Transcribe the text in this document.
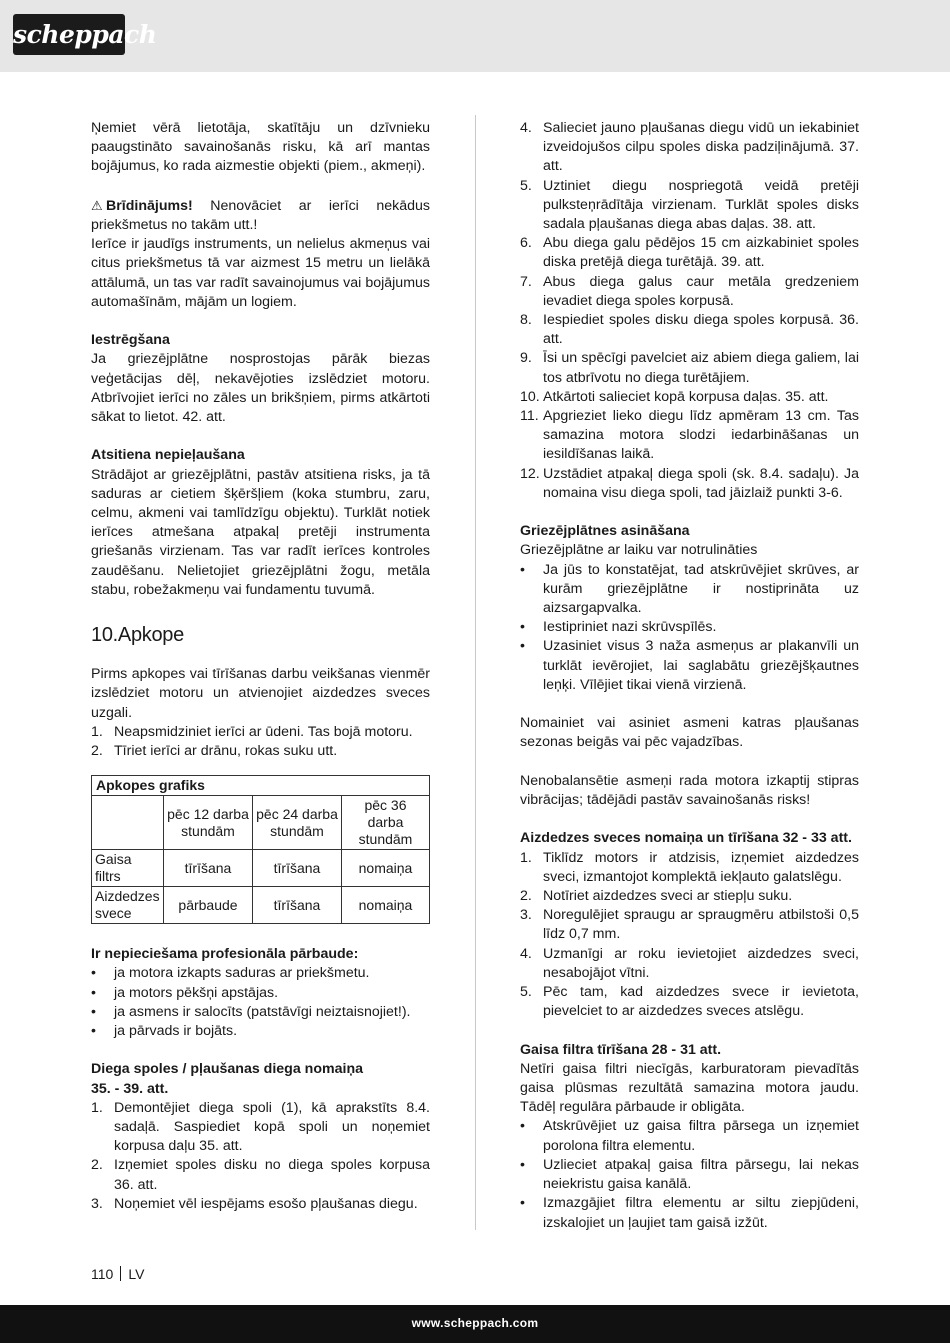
scheppach

Ņemiet vērā lietotāja, skatītāju un dzīvnieku paaugstināto savainošanās risku, kā arī mantas bojājumus, ko rada aizmestie objekti (piem., akmeņi).

⚠ Brīdinājums! Nenovāciet ar ierīci nekādus priekšmetus no takām utt.!

Ierīce ir jaudīgs instruments, un nelielus akmeņus vai citus priekšmetus tā var aizmest 15 metru un lielākā attālumā, un tas var radīt savainojumus vai bojājumus automašīnām, mājām un logiem.

Iestrēgšana

Ja griezējplātne nosprostojas pārāk biezas veģetācijas dēļ, nekavējoties izslēdziet motoru. Atbrīvojiet ierīci no zāles un brikšņiem, pirms atkārtoti sākat to lietot. 42. att.

Atsitiena nepieļaušana

Strādājot ar griezējplātni, pastāv atsitiena risks, ja tā saduras ar cietiem šķēršļiem (koka stumbru, zaru, celmu, akmeni vai tamlīdzīgu objektu). Turklāt notiek ierīces atmešana atpakaļ pretēji instrumenta griešanās virzienam. Tas var radīt ierīces kontroles zaudēšanu. Nelietojiet griezējplātni žogu, metāla stabu, robežakmeņu vai fundamentu tuvumā.

10.Apkope

Pirms apkopes vai tīrīšanas darbu veikšanas vienmēr izslēdziet motoru un atvienojiet aizdedzes sveces uzgali.

1. Neapsmidziniet ierīci ar ūdeni. Tas bojā motoru.
2. Tīriet ierīci ar drānu, rokas suku utt.
Apkopes grafiks			
	pēc 12 darba stundām	pēc 24 darba stundām	pēc 36 darba stundām
Gaisa filtrs	tīrīšana	tīrīšana	nomaiņa
Aizdedzes svece	pārbaude	tīrīšana	nomaiņa

Ir nepieciešama profesionāla pārbaude:

• ja motora izkapts saduras ar priekšmetu.
• ja motors pēkšņi apstājas.
• ja asmens ir salocīts (patstāvīgi neiztaisnojiet!).
• ja pārvads ir bojāts.

Diega spoles / pļaušanas diega nomaiņa

35. - 39. att.

1. Demontējiet diega spoli (1), kā aprakstīts 8.4. sadaļā. Saspiediet kopā spoli un noņemiet korpusa daļu 35. att.
2. Izņemiet spoles disku no diega spoles korpusa 36. att.
3. Noņemiet vēl iespējams esošo pļaušanas diegu.
4. Salieciet jauno pļaušanas diegu vidū un iekabiniet izveidojušos cilpu spoles diska padziļinājumā. 37. att.
5. Uztiniet diegu nospriegotā veidā pretēji pulksteņrādītāja virzienam. Turklāt spoles disks sadala pļaušanas diega abas daļas. 38. att.
6. Abu diega galu pēdējos 15 cm aizkabiniet spoles diska pretējā diega turētājā. 39. att.
7. Abus diega galus caur metāla gredzeniem ievadiet diega spoles korpusā.
8. Iespiediet spoles disku diega spoles korpusā. 36. att.
9. Īsi un spēcīgi pavelciet aiz abiem diega galiem, lai tos atbrīvotu no diega turētājiem.
10. Atkārtoti salieciet kopā korpusa daļas. 35. att.
11. Apgrieziet lieko diegu līdz apmēram 13 cm. Tas samazina motora slodzi iedarbināšanas un iesildīšanas laikā.
12. Uzstādiet atpakaļ diega spoli (sk. 8.4. sadaļu). Ja nomaina visu diega spoli, tad jāizlaiž punkti 3-6.

Griezējplātnes asināšana

Griezējplātne ar laiku var notrulināties

• Ja jūs to konstatējat, tad atskrūvējiet skrūves, ar kurām griezējplātne ir nostiprināta uz aizsargapvalka.
• Iestipriniet nazi skrūvspīlēs.
• Uzasiniet visus 3 naža asmeņus ar plakanvīli un turklāt ievērojiet, lai saglabātu griezējšķautnes leņķi. Vīlējiet tikai vienā virzienā.

Nomainiet vai asiniet asmeni katras pļaušanas sezonas beigās vai pēc vajadzības.

Nenobalansētie asmeņi rada motora izkaptij stipras vibrācijas; tādējādi pastāv savainošanās risks!

Aizdedzes sveces nomaiņa un tīrīšana 32 - 33 att.

1. Tiklīdz motors ir atdzisis, izņemiet aizdedzes sveci, izmantojot komplektā iekļauto galatslēgu.
2. Notīriet aizdedzes sveci ar stiepļu suku.
3. Noregulējiet spraugu ar spraugmēru atbilstoši 0,5 līdz 0,7 mm.
4. Uzmanīgi ar roku ievietojiet aizdedzes sveci, nesabojājot vītni.
5. Pēc tam, kad aizdedzes svece ir ievietota, pievelciet to ar aizdedzes sveces atslēgu.

Gaisa filtra tīrīšana 28 - 31 att.

Netīri gaisa filtri niecīgās, karburatoram pievadītās gaisa plūsmas rezultātā samazina motora jaudu. Tādēļ regulāra pārbaude ir obligāta.

• Atskrūvējiet uz gaisa filtra pārsega un izņemiet porolona filtra elementu.
• Uzlieciet atpakaļ gaisa filtra pārsegu, lai nekas neiekristu gaisa kanālā.
• Izmazgājiet filtra elementu ar siltu ziepjūdeni, izskalojiet un ļaujiet tam gaisā izžūt.
110 LV
www.scheppach.com
